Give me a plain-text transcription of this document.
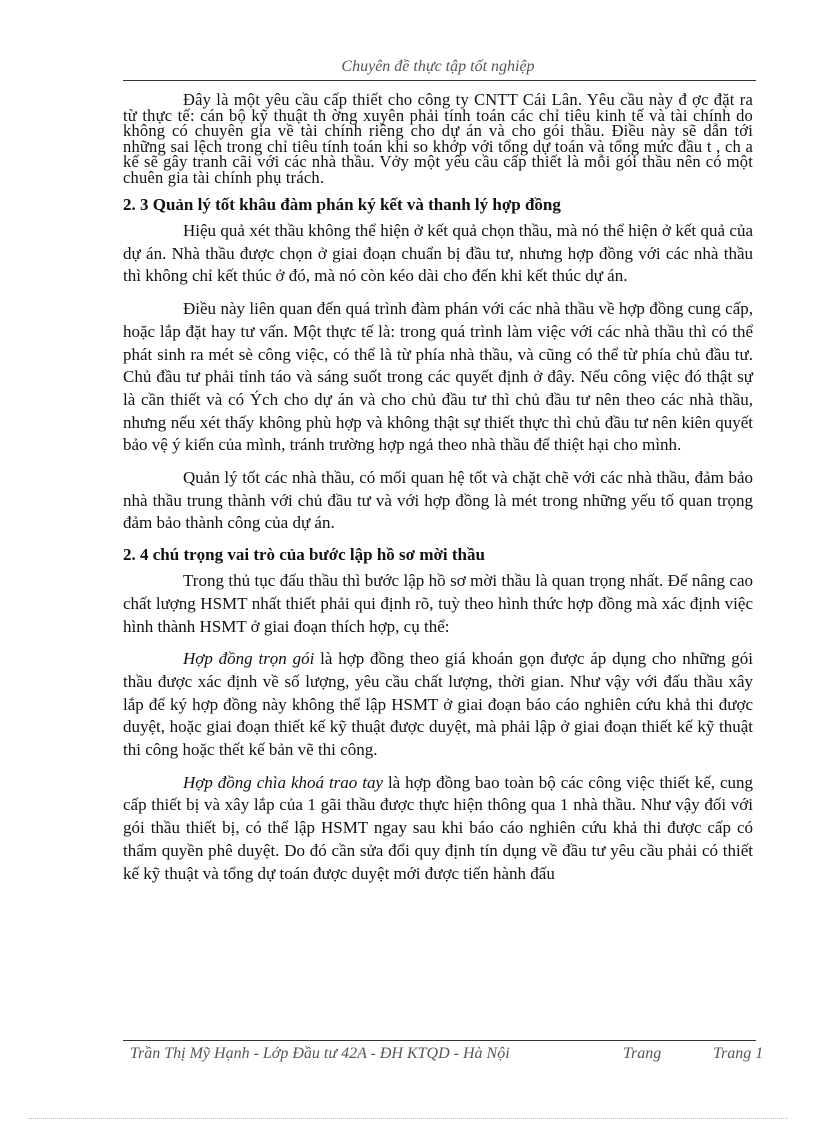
Chuyên đề thực tập tốt nghiệp

Đây là một yêu cầu cấp thiết cho công ty CNTT Cái Lân. Yêu cầu này đ ợc đặt ra từ thực tế: cán bộ kỹ thuật th ờng xuyên phải tính toán các chỉ tiêu kinh tế và tài chính do không có chuyên gia về tài chính riêng cho dự án và cho gói thầu. Điều này sẽ dẫn tới những sai lệch trong chỉ tiêu tính toán khi so khớp với tổng dự toán và tổng mức đầu t , ch a kể sẽ gây tranh cãi với các nhà thầu. Vởy một yêu cầu cấp thiết là mỗi gói thầu nên có một chuên gia tài chính phụ trách.

2. 3 Quản lý tốt khâu đàm phán ký kết và thanh lý hợp đồng

Hiệu quả xét thầu không thể hiện ở kết quả chọn thầu, mà nó thể hiện ở kết quả của dự án. Nhà thầu được chọn ở giai đoạn chuẩn bị đầu tư, nhưng hợp đồng với các nhà thầu thì không chỉ kết thúc ở đó, mà nó còn kéo dài cho đến khi kết thúc dự án.

Điều này liên quan đến quá trình đàm phán với các nhà thầu về hợp đồng cung cấp, hoặc lắp đặt hay tư vấn. Một thực tế là: trong quá trình làm việc với các nhà thầu thì có thể phát sinh ra mét sè công việc, có thể là từ phía nhà thầu, và cũng có thể từ phía chủ đầu tư. Chủ đầu tư phải tỉnh táo và sáng suốt trong các quyết định ở đây. Nếu công việc đó thật sự là cần thiết và có Ých cho dự án và cho chủ đầu tư thì chủ đầu tư nên theo các nhà thầu, nhưng nếu xét thấy không phù hợp và không thật sự thiết thực thì chủ đầu tư nên kiên quyết bảo vệ ý kiến của mình, tránh trường hợp ngả theo nhà thầu để thiệt hại cho mình.

Quản lý tốt các nhà thầu, có mối quan hệ tốt và chặt chẽ với các nhà thầu, đảm bảo nhà thầu trung thành với chủ đầu tư và với hợp đồng là mét trong những yếu tố quan trọng đảm bảo thành công của dự án.

2. 4 chú trọng vai trò của bước lập hồ sơ mời thầu

Trong thủ tục đấu thầu thì bước lập hồ sơ mời thầu là quan trọng nhất. Để nâng cao chất lượng HSMT nhất thiết phải qui định rõ, tuỳ theo hình thức hợp đồng mà xác định việc hình thành HSMT ở giai đoạn thích hợp, cụ thể:

Hợp đồng trọn gói là hợp đồng theo giá khoán gọn được áp dụng cho những gói thầu được xác định về số lượng, yêu cầu chất lượng, thời gian. Như vậy với đấu thầu xây lắp để ký hợp đồng này không thể lập HSMT ở giai đoạn báo cáo nghiên cứu khả thi được duyệt, hoặc giai đoạn thiết kế kỹ thuật được duyệt, mà phải lập ở giai đoạn thiết kế kỹ thuật thi công hoặc thết kế bản vẽ thi công.

Hợp đồng chìa khoá trao tay là hợp đồng bao toàn bộ các công việc thiết kế, cung cấp thiết bị và xây lắp của 1 gãi thầu được thực hiện thông qua 1 nhà thầu. Như vậy đối với gói thầu thiết bị, có thể lập HSMT ngay sau khi báo cáo nghiên cứu khả thi được cấp có thẩm quyền phê duyệt. Do đó cần sửa đổi quy định tín dụng về đầu tư yêu cầu phải có thiết kế kỹ thuật và tổng dự toán được duyệt mới được tiến hành đấu

Trần Thị Mỹ Hạnh - Lớp Đầu tư 42A - ĐH KTQD - Hà Nội	Trang	Trang 1
